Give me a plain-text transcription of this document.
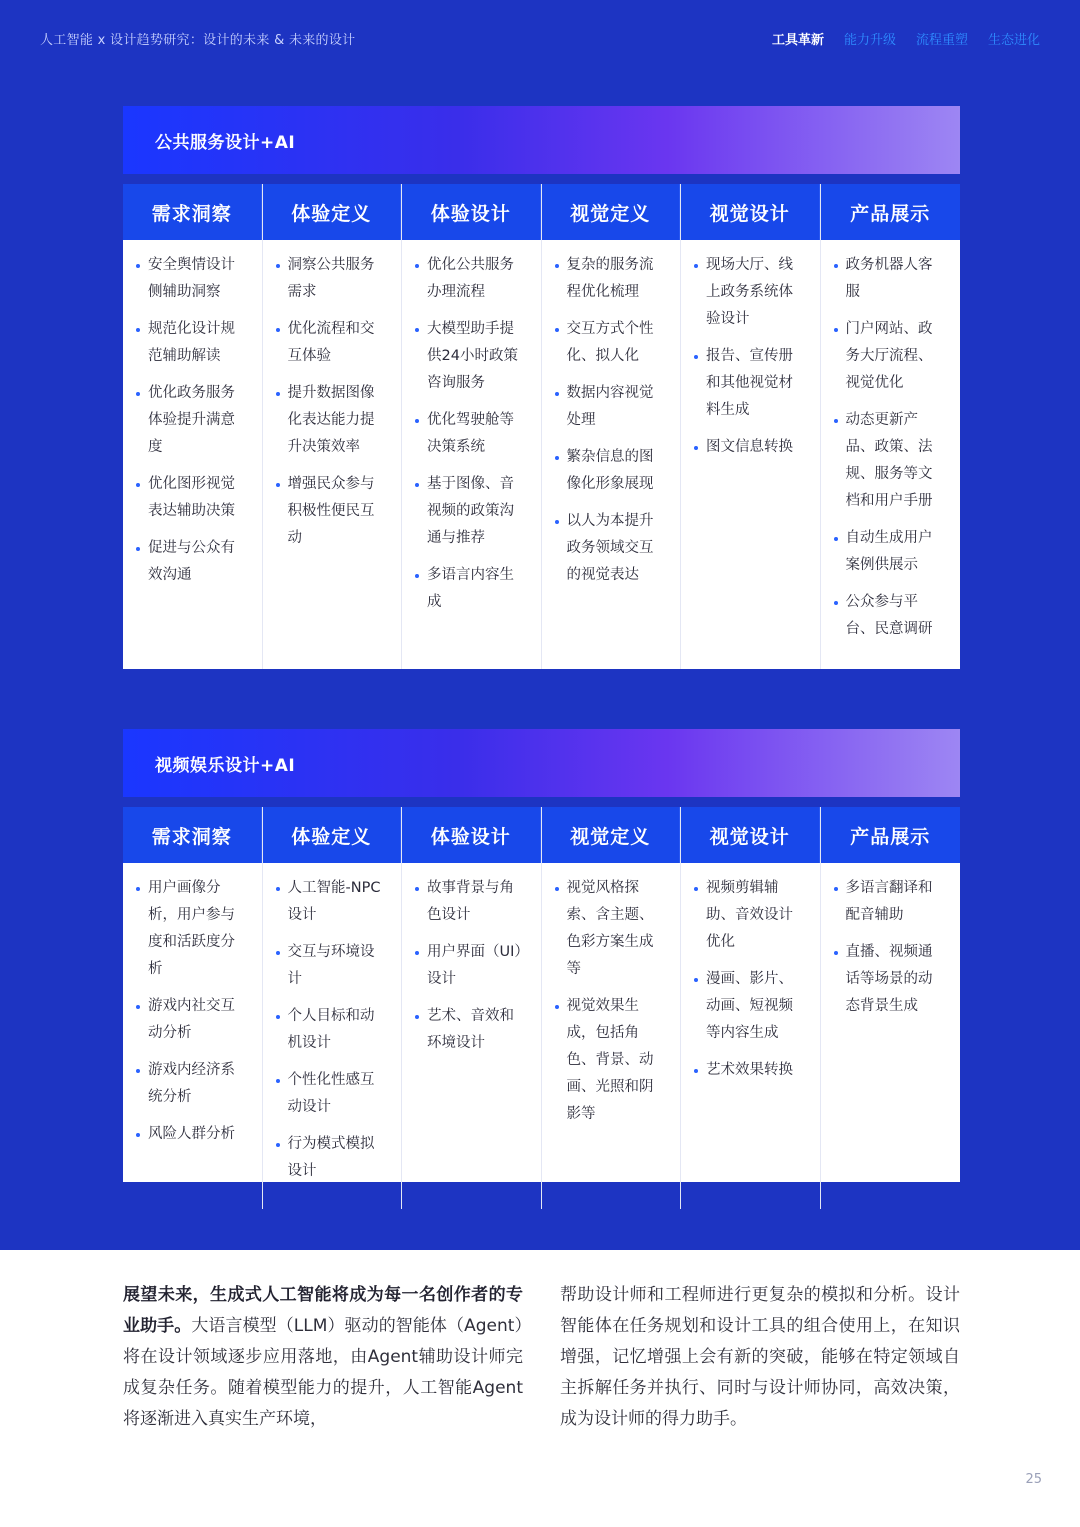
人工智能 x 设计趋势研究：设计的未来 & 未来的设计	工具革新 能力升级 流程重塑 生态进化
公共服务设计+AI
需求洞察
安全舆情设计侧辅助洞察
规范化设计规范辅助解读
优化政务服务体验提升满意度
优化图形视觉表达辅助决策
促进与公众有效沟通
体验定义
洞察公共服务需求
优化流程和交互体验
提升数据图像化表达能力提升决策效率
增强民众参与积极性便民互动
体验设计
优化公共服务办理流程
大模型助手提供24小时政策咨询服务
优化驾驶舱等决策系统
基于图像、音视频的政策沟通与推荐
多语言内容生成
视觉定义
复杂的服务流程优化梳理
交互方式个性化、拟人化
数据内容视觉处理
繁杂信息的图像化形象展现
以人为本提升政务领域交互的视觉表达
视觉设计
现场大厅、线上政务系统体验设计
报告、宣传册和其他视觉材料生成
图文信息转换
产品展示
政务机器人客服
门户网站、政务大厅流程、视觉优化
动态更新产品、政策、法规、服务等文档和用户手册
自动生成用户案例供展示
公众参与平台、民意调研
视频娱乐设计+AI
需求洞察
用户画像分析，用户参与度和活跃度分析
游戏内社交互动分析
游戏内经济系统分析
风险人群分析
体验定义
人工智能-NPC设计
交互与环境设计
个人目标和动机设计
个性化性感互动设计
行为模式模拟设计
体验设计
故事背景与角色设计
用户界面（UI）设计
艺术、音效和环境设计
视觉定义
视觉风格探索、含主题、色彩方案生成等
视觉效果生成，包括角色、背景、动画、光照和阴影等
视觉设计
视频剪辑辅助、音效设计优化
漫画、影片、动画、短视频等内容生成
艺术效果转换
产品展示
多语言翻译和配音辅助
直播、视频通话等场景的动态背景生成
展望未来，生成式人工智能将成为每一名创作者的专业助手。大语言模型（LLM）驱动的智能体（Agent）将在设计领域逐步应用落地，由Agent辅助设计师完成复杂任务。随着模型能力的提升，人工智能Agent将逐渐进入真实生产环境，
帮助设计师和工程师进行更复杂的模拟和分析。设计智能体在任务规划和设计工具的组合使用上，在知识增强，记忆增强上会有新的突破，能够在特定领域自主拆解任务并执行、同时与设计师协同，高效决策，成为设计师的得力助手。
25
